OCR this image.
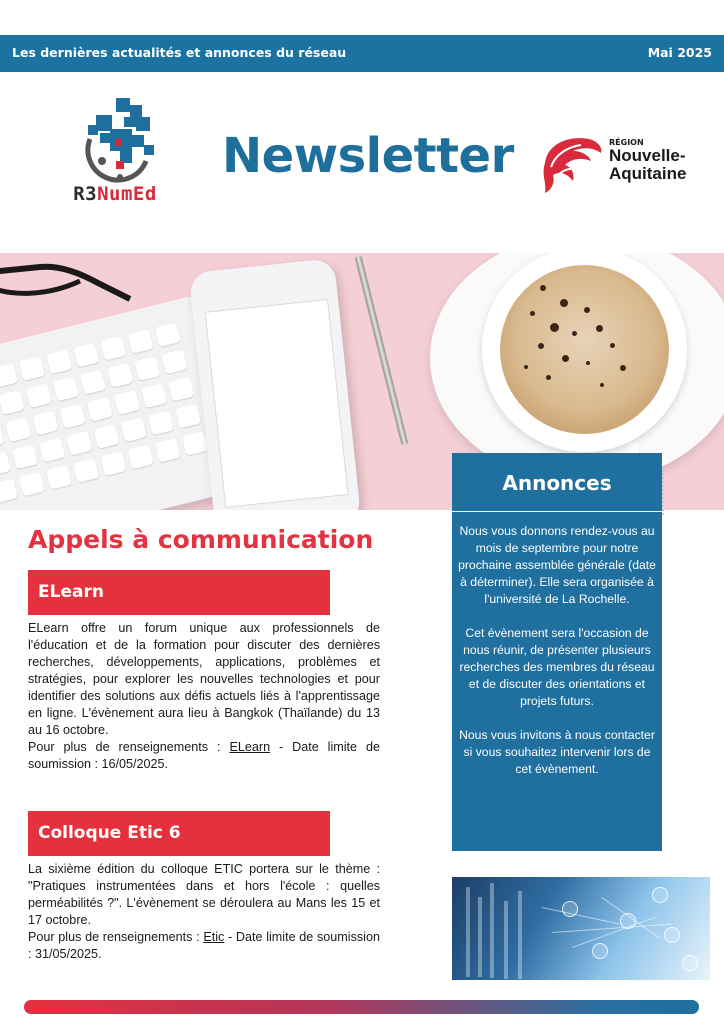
Les dernières actualités et annonces du réseau	Mai 2025
R3NumEd
Newsletter	RÉGION
Nouvelle-
Aquitaine
Annonces

Nous vous donnons rendez-vous au mois de septembre pour notre prochaine assemblée générale (date à déterminer). Elle sera organisée à l'université de La Rochelle.

Cet évènement sera l'occasion de nous réunir, de présenter plusieurs recherches des membres du réseau et de discuter des orientations et projets futurs.

Nous vous invitons à nous contacter si vous souhaitez intervenir lors de cet évènement.

Appels à communication
ELearn

ELearn offre un forum unique aux professionnels de l'éducation et de la formation pour discuter des dernières recherches, développements, applications, problèmes et stratégies, pour explorer les nouvelles technologies et pour identifier des solutions aux défis actuels liés à l'apprentissage en ligne. L'évènement aura lieu à Bangkok (Thaïlande) du 13 au 16 octobre.

Pour plus de renseignements : ELearn - Date limite de soumission : 16/05/2025.

Colloque Etic 6

La sixième édition du colloque ETIC portera sur le thème : "Pratiques instrumentées dans et hors l'école : quelles perméabilités ?". L'évènement se déroulera au Mans les 15 et 17 octobre.

Pour plus de renseignements : Etic - Date limite de soumission : 31/05/2025.
